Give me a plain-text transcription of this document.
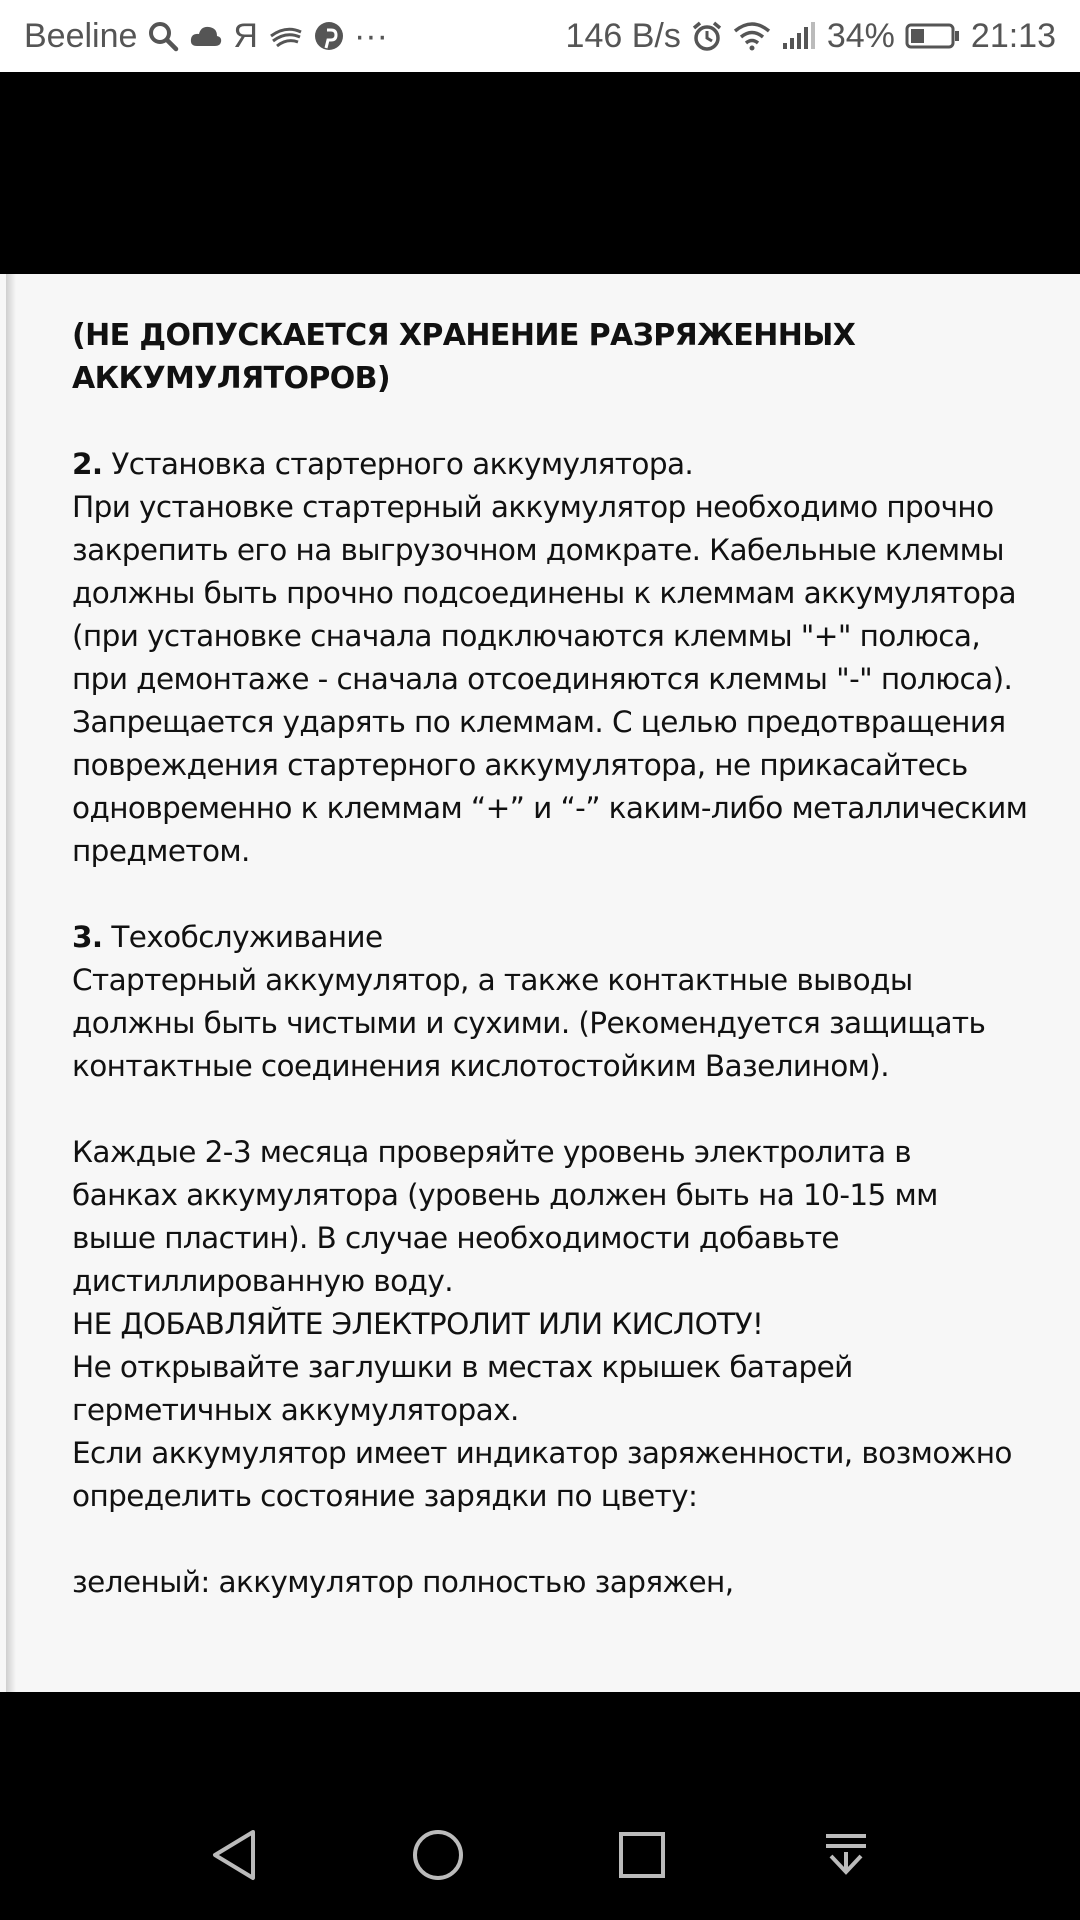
Beeline	Я	···	146 B/s	34% 21:13
(НЕ ДОПУСКАЕТСЯ ХРАНЕНИЕ РАЗРЯЖЕННЫХ
АККУМУЛЯТОРОВ)
2. Установка стартерного аккумулятора.
При установке стартерный аккумулятор необходимо прочно
закрепить его на выгрузочном домкрате. Кабельные клеммы
должны быть прочно подсоединены к клеммам аккумулятора
(при установке сначала подключаются клеммы "+" полюса,
при демонтаже - сначала отсоединяются клеммы "-" полюса).
Запрещается ударять по клеммам. С целью предотвращения
повреждения стартерного аккумулятора, не прикасайтесь
одновременно к клеммам “+” и “-” каким-либо металлическим
предметом.
3. Техобслуживание
Стартерный аккумулятор, а также контактные выводы
должны быть чистыми и сухими. (Рекомендуется защищать
контактные соединения кислотостойким Вазелином).
Каждые 2-3 месяца проверяйте уровень электролита в
банках аккумулятора (уровень должен быть на 10-15 мм
выше пластин). В случае необходимости добавьте
дистиллированную воду.
НЕ ДОБАВЛЯЙТЕ ЭЛЕКТРОЛИТ ИЛИ КИСЛОТУ!
Не открывайте заглушки в местах крышек батарей
герметичных аккумуляторах.
Если аккумулятор имеет индикатор заряженности, возможно
определить состояние зарядки по цвету:
зеленый: аккумулятор полностью заряжен,
